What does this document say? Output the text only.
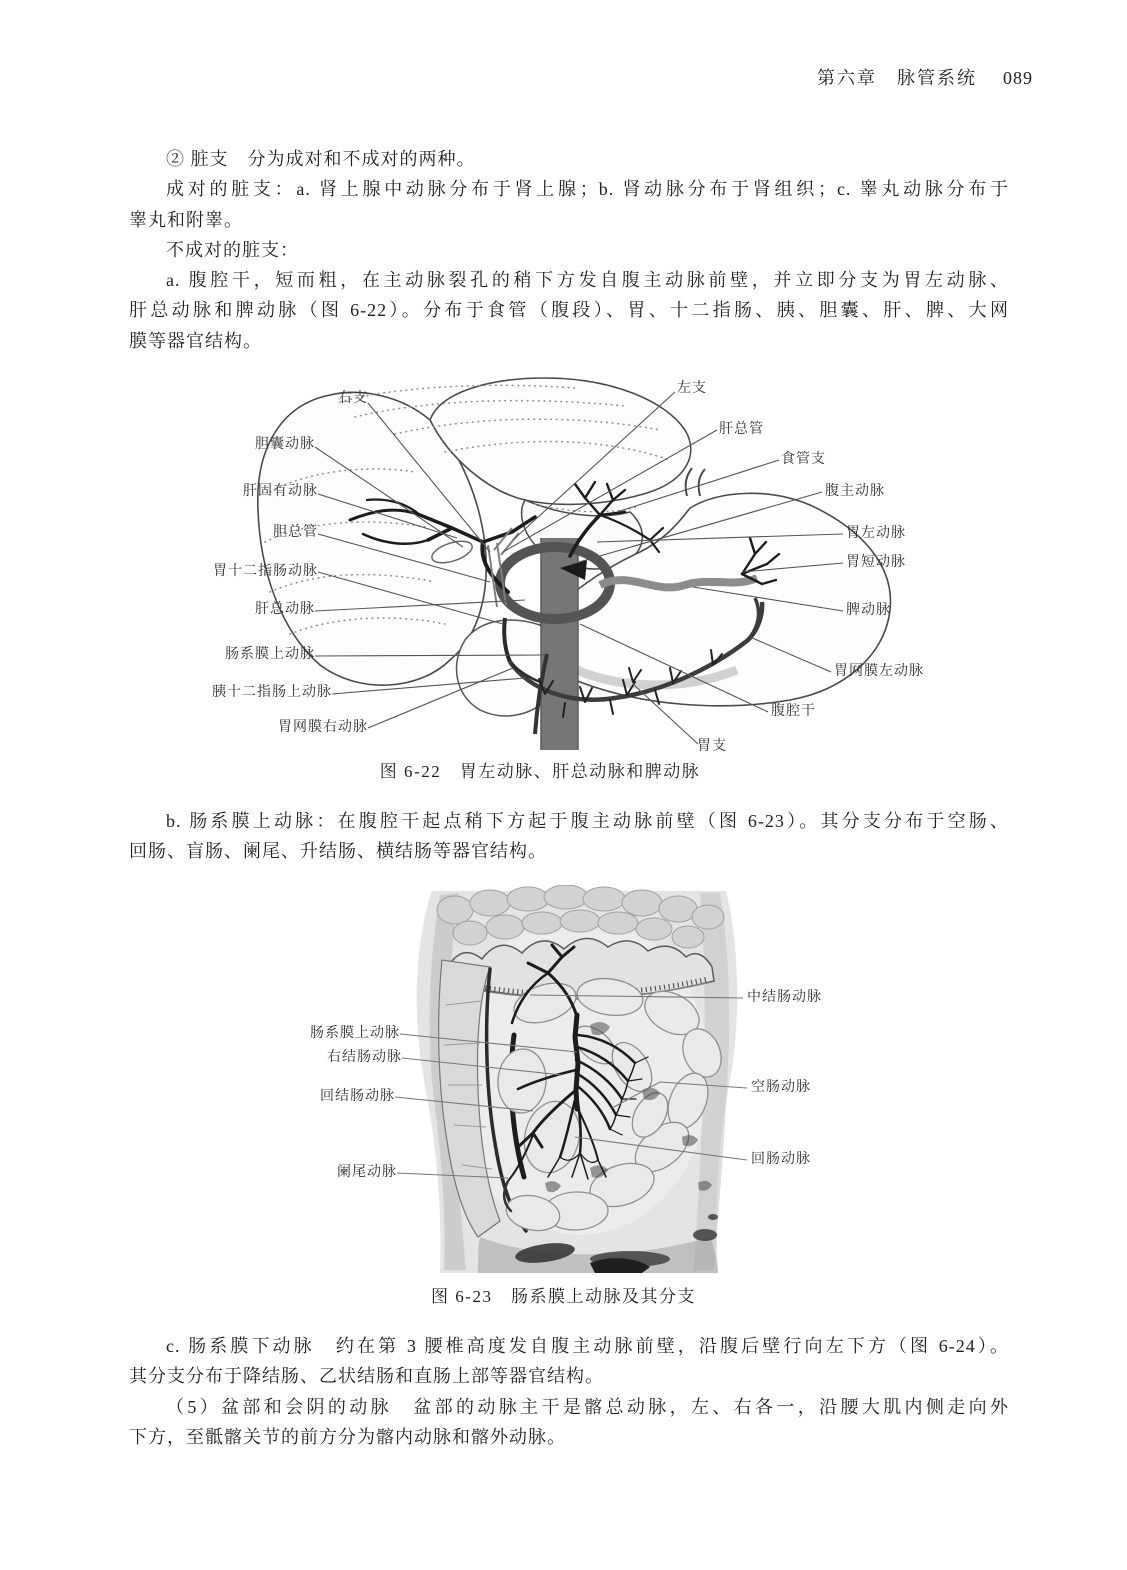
第六章　脉管系统 089
② 脏支　分为成对和不成对的两种。
成对的脏支：a. 肾上腺中动脉分布于肾上腺；b. 肾动脉分布于肾组织；c. 睾丸动脉分布于
睾丸和附睾。
不成对的脏支：
a. 腹腔干，短而粗，在主动脉裂孔的稍下方发自腹主动脉前壁，并立即分支为胃左动脉、
肝总动脉和脾动脉（图 6-22）。分布于食管（腹段）、胃、十二指肠、胰、胆囊、肝、脾、大网
膜等器官结构。
右支
胆囊动脉
肝固有动脉
胆总管
胃十二指肠动脉
肝总动脉
肠系膜上动脉
胰十二指肠上动脉
胃网膜右动脉
左支
肝总管
食管支
腹主动脉
胃左动脉
胃短动脉
脾动脉
胃网膜左动脉
腹腔干
胃支
图 6-22　胃左动脉、肝总动脉和脾动脉
b. 肠系膜上动脉：在腹腔干起点稍下方起于腹主动脉前壁（图 6-23）。其分支分布于空肠、
回肠、盲肠、阑尾、升结肠、横结肠等器官结构。
肠系膜上动脉
右结肠动脉
回结肠动脉
阑尾动脉
中结肠动脉
空肠动脉
回肠动脉
图 6-23　肠系膜上动脉及其分支
c. 肠系膜下动脉　约在第 3 腰椎高度发自腹主动脉前壁，沿腹后壁行向左下方（图 6-24）。
其分支分布于降结肠、乙状结肠和直肠上部等器官结构。
（5）盆部和会阴的动脉　盆部的动脉主干是髂总动脉，左、右各一，沿腰大肌内侧走向外
下方，至骶髂关节的前方分为髂内动脉和髂外动脉。
